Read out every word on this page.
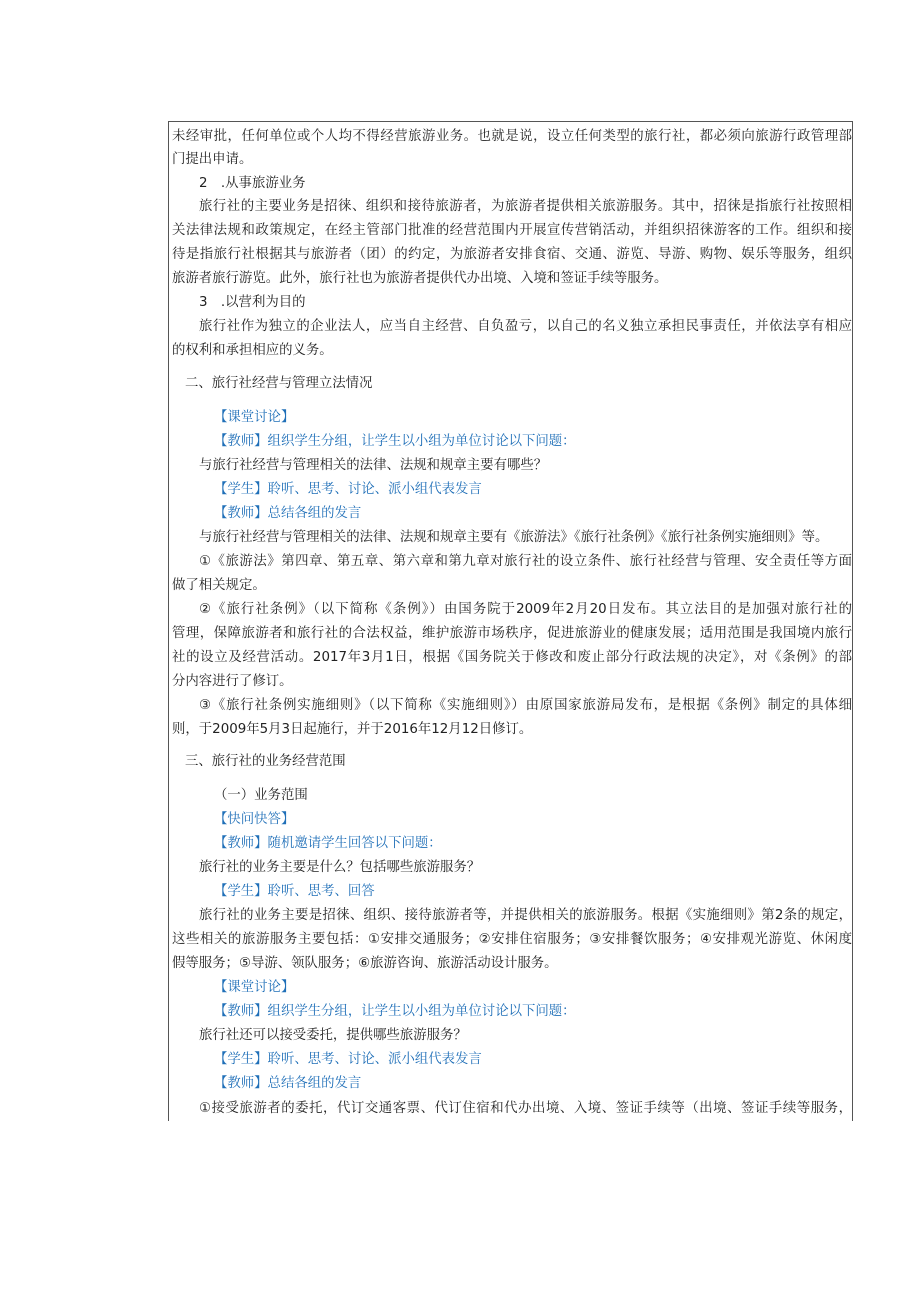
未经审批，任何单位或个人均不得经营旅游业务。也就是说，设立任何类型的旅行社，都必须向旅游行政管理部
门提出申请。
2　.从事旅游业务
旅行社的主要业务是招徕、组织和接待旅游者，为旅游者提供相关旅游服务。其中，招徕是指旅行社按照相
关法律法规和政策规定，在经主管部门批准的经营范围内开展宣传营销活动，并组织招徕游客的工作。组织和接
待是指旅行社根据其与旅游者（团）的约定，为旅游者安排食宿、交通、游览、导游、购物、娱乐等服务，组织
旅游者旅行游览。此外，旅行社也为旅游者提供代办出境、入境和签证手续等服务。
3　.以营利为目的
旅行社作为独立的企业法人，应当自主经营、自负盈亏，以自己的名义独立承担民事责任，并依法享有相应
的权利和承担相应的义务。
二、旅行社经营与管理立法情况
【课堂讨论】
【教师】组织学生分组，让学生以小组为单位讨论以下问题：
与旅行社经营与管理相关的法律、法规和规章主要有哪些？
【学生】聆听、思考、讨论、派小组代表发言
【教师】总结各组的发言
与旅行社经营与管理相关的法律、法规和规章主要有《旅游法》《旅行社条例》《旅行社条例实施细则》等。
①《旅游法》第四章、第五章、第六章和第九章对旅行社的设立条件、旅行社经营与管理、安全责任等方面
做了相关规定。
②《旅行社条例》（以下简称《条例》）由国务院于2009年2月20日发布。其立法目的是加强对旅行社的
管理，保障旅游者和旅行社的合法权益，维护旅游市场秩序，促进旅游业的健康发展；适用范围是我国境内旅行
社的设立及经营活动。2017年3月1日，根据《国务院关于修改和废止部分行政法规的决定》，对《条例》的部
分内容进行了修订。
③《旅行社条例实施细则》（以下简称《实施细则》）由原国家旅游局发布，是根据《条例》制定的具体细
则，于2009年5月3日起施行，并于2016年12月12日修订。
三、旅行社的业务经营范围
（一）业务范围
【快问快答】
【教师】随机邀请学生回答以下问题：
旅行社的业务主要是什么？包括哪些旅游服务？
【学生】聆听、思考、回答
旅行社的业务主要是招徕、组织、接待旅游者等，并提供相关的旅游服务。根据《实施细则》第2条的规定，
这些相关的旅游服务主要包括：①安排交通服务；②安排住宿服务；③安排餐饮服务；④安排观光游览、休闲度
假等服务；⑤导游、领队服务；⑥旅游咨询、旅游活动设计服务。
【课堂讨论】
【教师】组织学生分组，让学生以小组为单位讨论以下问题：
旅行社还可以接受委托，提供哪些旅游服务？
【学生】聆听、思考、讨论、派小组代表发言
【教师】总结各组的发言
①接受旅游者的委托，代订交通客票、代订住宿和代办出境、入境、签证手续等（出境、签证手续等服务，
